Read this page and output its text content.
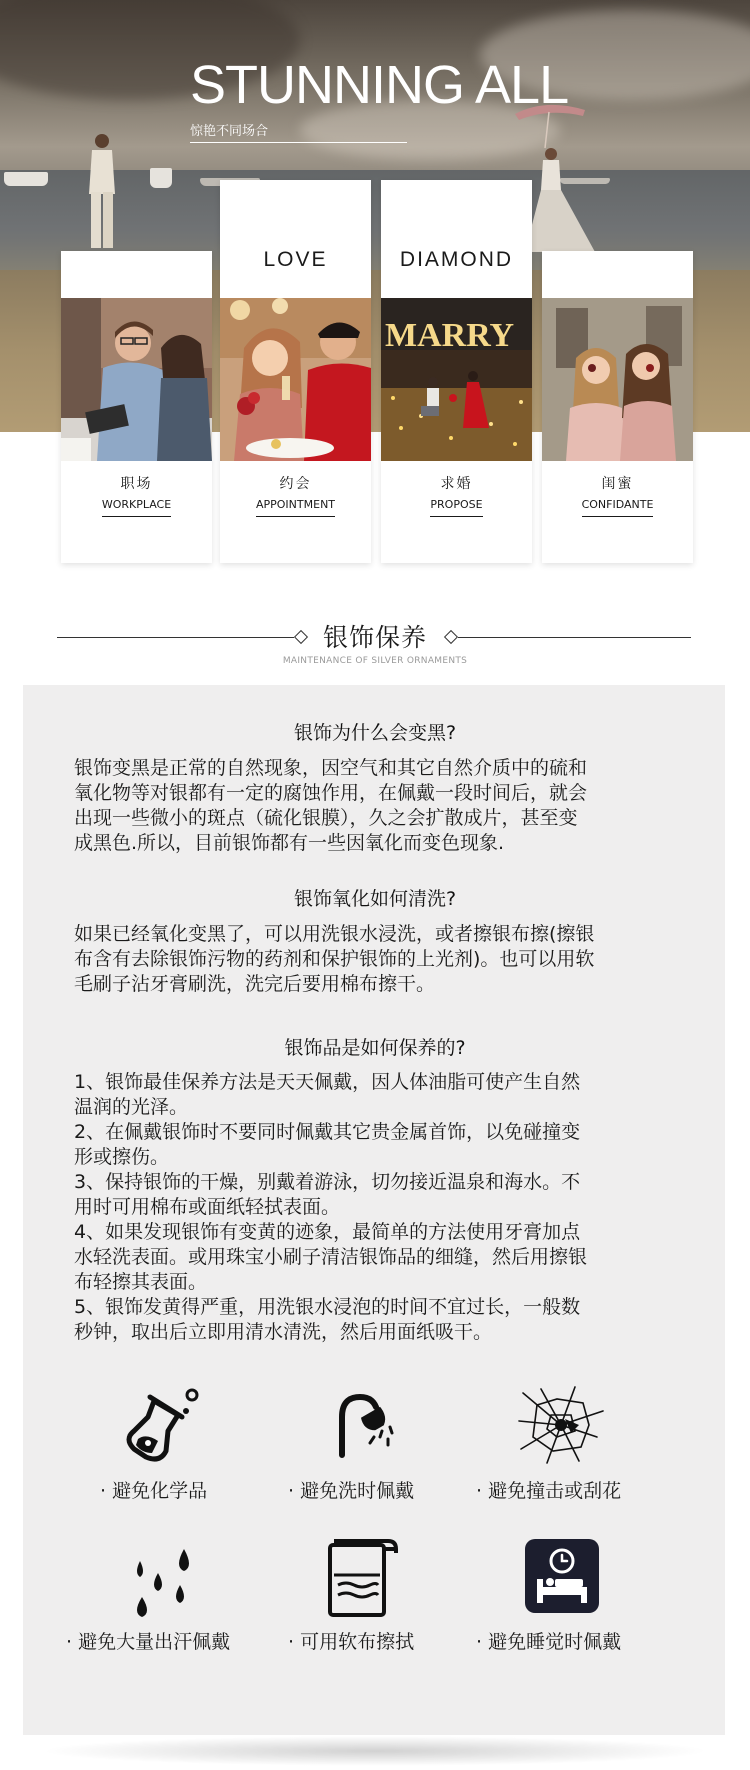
STUNNING ALL
惊艳不同场合
职场
WORKPLACE
LOVE
约会
APPOINTMENT
DIAMOND
MARRY
求婚
PROPOSE
闺蜜
CONFIDANTE
银饰保养
MAINTENANCE OF SILVER ORNAMENTS
银饰为什么会变黑?

银饰变黑是正常的自然现象，因空气和其它自然介质中的硫和

氧化物等对银都有一定的腐蚀作用，在佩戴一段时间后，就会

出现一些微小的斑点（硫化银膜），久之会扩散成片，甚至变

成黑色.所以，目前银饰都有一些因氧化而变色现象.

银饰氧化如何清洗?

如果已经氧化变黑了，可以用洗银水浸洗，或者擦银布擦(擦银

布含有去除银饰污物的药剂和保护银饰的上光剂)。也可以用软

毛刷子沾牙膏刷洗，洗完后要用棉布擦干。

银饰品是如何保养的?

1、银饰最佳保养方法是天天佩戴，因人体油脂可使产生自然

温润的光泽。

2、在佩戴银饰时不要同时佩戴其它贵金属首饰，以免碰撞变

形或擦伤。

3、保持银饰的干燥，别戴着游泳，切勿接近温泉和海水。不

用时可用棉布或面纸轻拭表面。

4、如果发现银饰有变黄的迹象，最简单的方法使用牙膏加点

水轻洗表面。或用珠宝小刷子清洁银饰品的细缝，然后用擦银

布轻擦其表面。

5、银饰发黄得严重，用洗银水浸泡的时间不宜过长，一般数

秒钟，取出后立即用清水清洗，然后用面纸吸干。

· 避免化学品	· 避免洗时佩戴	· 避免撞击或刮花
· 避免大量出汗佩戴	· 可用软布擦拭	· 避免睡觉时佩戴
